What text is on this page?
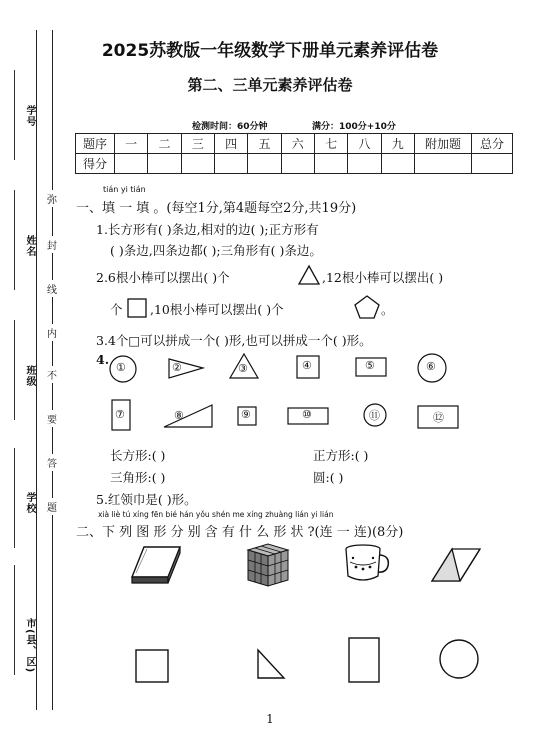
学号
姓名
班级
学校
市(县、区)
弥
封
线
内
不
要
答
题
2025苏教版一年级数学下册单元素养评估卷
第二、三单元素养评估卷
检测时间：60分钟	满分：100分+10分
题序	一	二	三	四	五	六	七	八	九	附加题	总分
得分											
tián yi tián
一、填 一 填 。(每空1分,第4题每空2分,共19分)
1.长方形有( )条边,相对的边( );正方形有
( )条边,四条边都( );三角形有( )条边。
2.6根小棒可以摆出( )个	,12根小棒可以摆出( )
个 ,10根小棒可以摆出( )个	。
3.4个□可以拼成一个( )形,也可以拼成一个( )形。
4.
①	②	③	④	⑤	⑥
⑦	⑧	⑨	⑩	⑪	⑫
长方形:( )	正方形:( )
三角形:( )	圆:( )
5.红领巾是( )形。
xià liè tú xíng fēn bié hán yǒu shén me xíng zhuàng lián yi lián
二、下 列 图 形 分 别 含 有 什 么 形 状 ?(连 一 连)(8分)
1
